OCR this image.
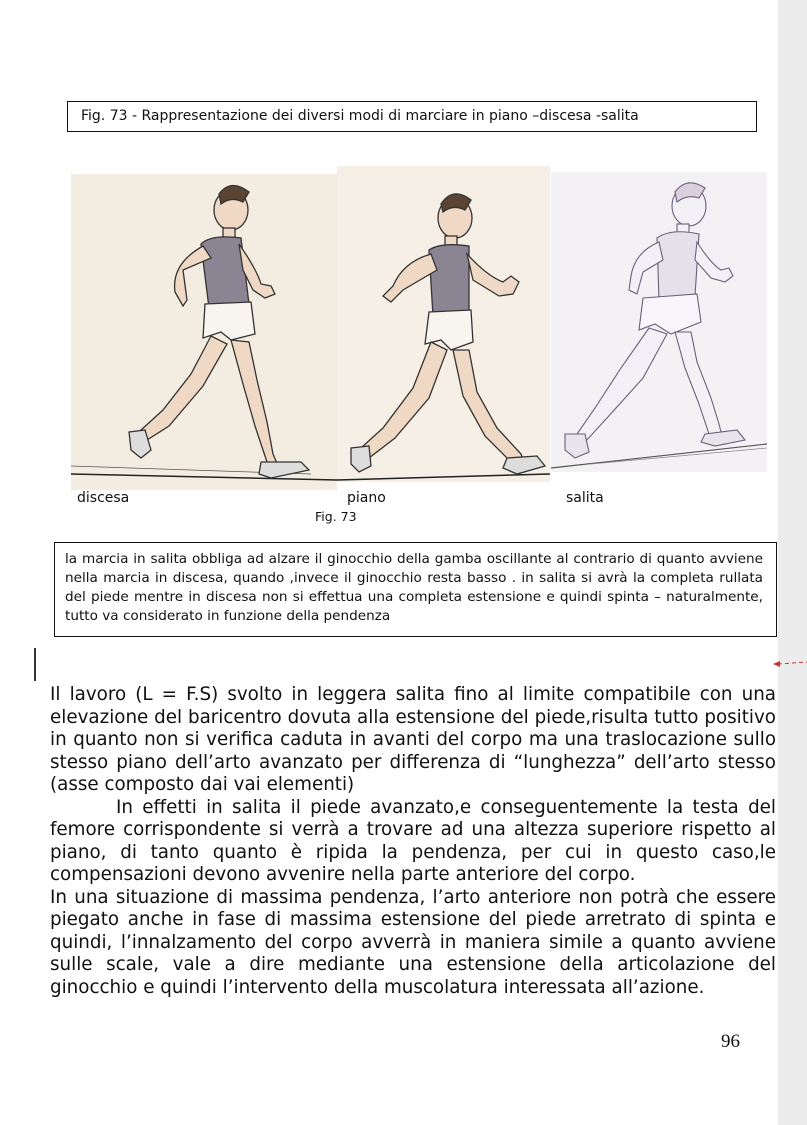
Fig. 73 - Rappresentazione dei diversi modi di marciare in piano –discesa -salita
discesa	piano	salita
Fig. 73

la marcia in salita obbliga ad alzare il ginocchio della gamba oscillante al contrario di quanto avviene nella marcia in discesa, quando ,invece il ginocchio resta basso . in salita si avrà la completa rullata del piede mentre in discesa non si effettua una completa estensione e quindi spinta – naturalmente, tutto va considerato in funzione della pendenza

Il lavoro (L = F.S) svolto in leggera salita fino al limite compatibile con una elevazione del baricentro dovuta alla estensione del piede,risulta tutto positivo in quanto non si verifica caduta in avanti del corpo ma una traslocazione sullo stesso piano dell’arto avanzato per differenza di “lunghezza” dell’arto stesso (asse composto dai vai elementi)

In effetti in salita il piede avanzato,e conseguentemente la testa del femore corrispondente si verrà a trovare ad una altezza superiore rispetto al piano, di tanto quanto è ripida la pendenza, per cui in questo caso,le compensazioni devono avvenire nella parte anteriore del corpo.

In una situazione di massima pendenza, l’arto anteriore non potrà che essere piegato anche in fase di massima estensione del piede arretrato di spinta e quindi, l’innalzamento del corpo avverrà in maniera simile a quanto avviene sulle scale, vale a dire mediante una estensione della articolazione del ginocchio e quindi l’intervento della muscolatura interessata all’azione.

96
